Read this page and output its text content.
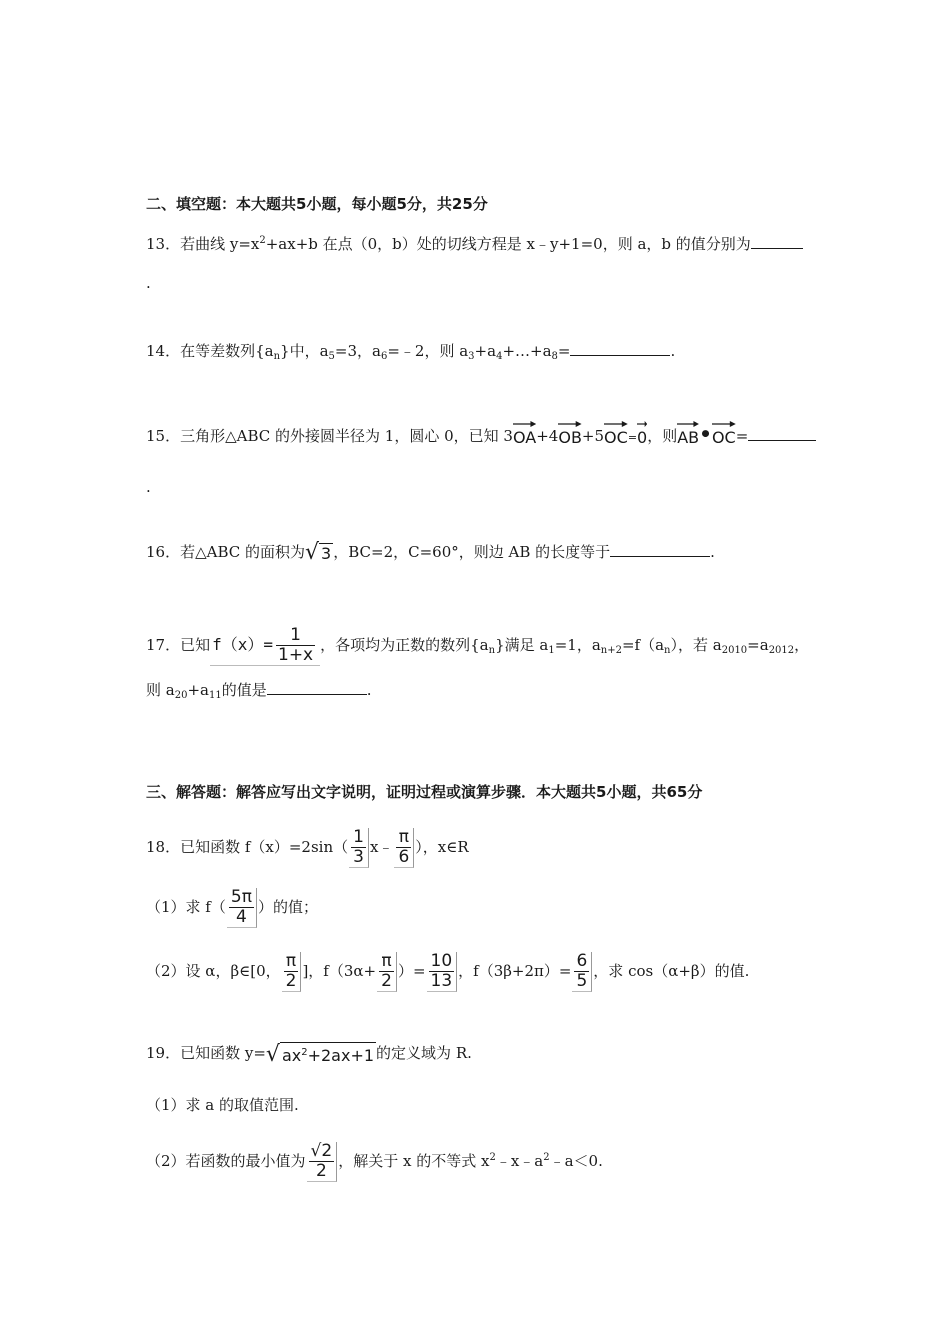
二、填空题：本大题共5小题，每小题5分，共25分
13．若曲线 $y=x^2+ax+b$ 在点（0，b）处的切线方程是 x﹣y+1=0，则 a，b 的值分别为
.
14．在等差数列$\{a_n\}$中，$a_5=3$，$a_6=﹣2$，则 $a_3+a_4+\dots+a_8=$	.
15．三角形△ABC 的外接圆半径为 1，圆心 0，已知 3
OA+4
OB+5
OC=
0，则
AB•
OC=
.
16．若△ABC 的面积为√ 3 ，BC=2，C=60°，则边 AB 的长度等于	.
17．已知 $f(x)= \frac{1}{1+x}$ ，各项均为正数的数列$\{a_n\}$满足 $a_1=1$，$a_{n+2}=f(a_n)$，若 $a_{2010}=a_{2012}$，
则 $a_{20}+a_{11}$的值是	.
三、解答题：解答应写出文字说明，证明过程或演算步骤．本大题共5小题，共65分
18．已知函数 $f(x)=2\sin( \frac{1}{3}$ x﹣ $\frac{\pi}{6}$ ），x∈R
（1）求 $f( \frac{5\pi}{4}$ ）的值；
（2）设 α，β∈[0， $\frac{\pi}{2}$ ]，$f(3\alpha+ \frac{\pi}{2}$ ）= $\frac{10}{13}$ ，$f(3\beta+2\pi)= \frac{6}{5}$ ，求 cos（α+β）的值.
19．已知函数 y=√ $ax^2+2ax+1$ 的定义域为 R.
（1）求 a 的取值范围.
（2）若函数的最小值为 $\frac{√2}{2}$ ，解关于 x 的不等式 $x^2﹣x﹣a^2﹣a<0$.
